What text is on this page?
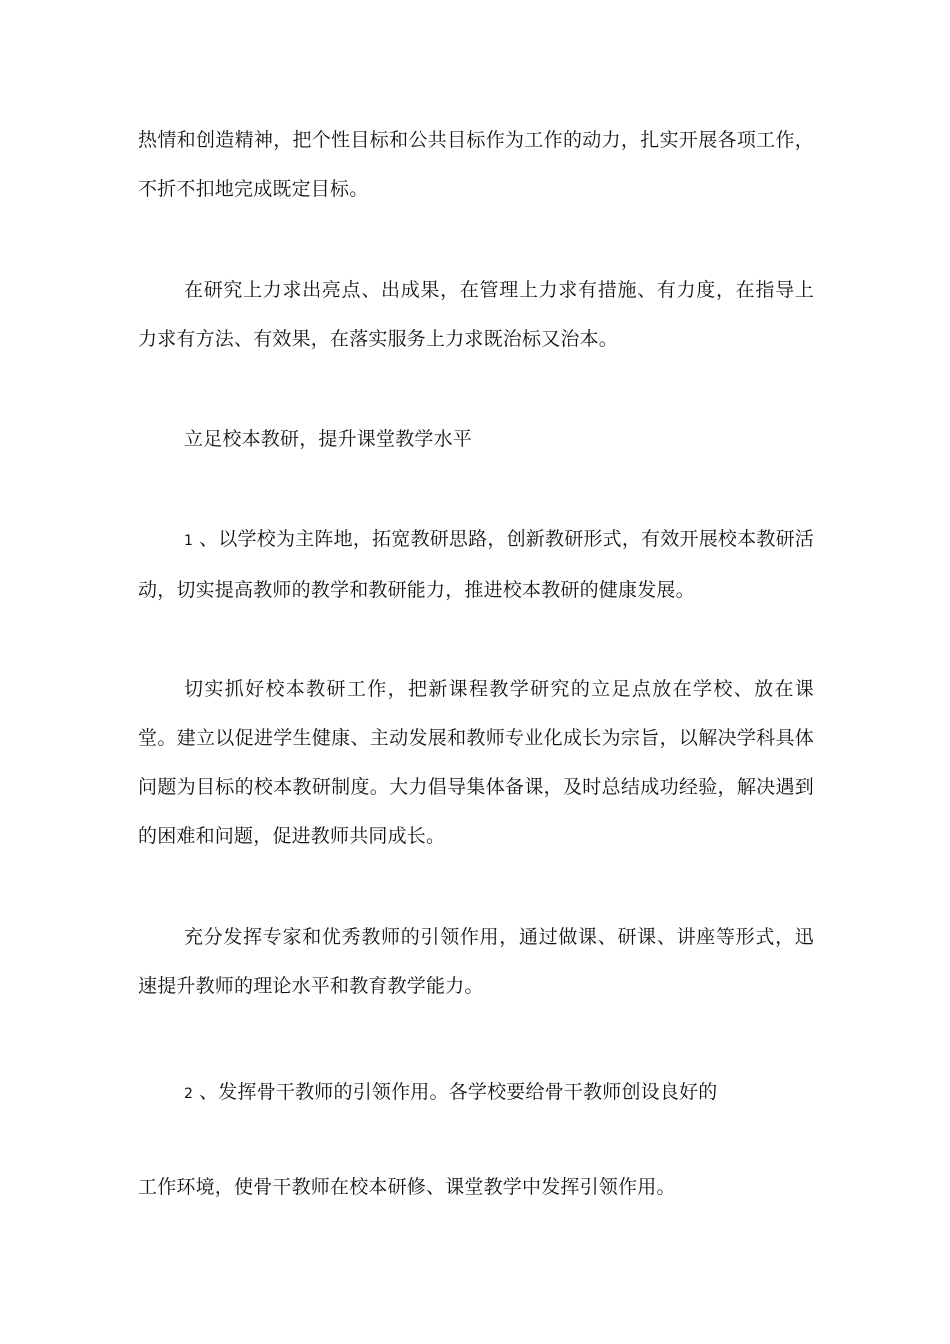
热情和创造精神，把个性目标和公共目标作为工作的动力，扎实开展各项工作，不折不扣地完成既定目标。

在研究上力求出亮点、出成果，在管理上力求有措施、有力度，在指导上力求有方法、有效果，在落实服务上力求既治标又治本。

立足校本教研，提升课堂教学水平

1 、以学校为主阵地，拓宽教研思路，创新教研形式，有效开展校本教研活动，切实提高教师的教学和教研能力，推进校本教研的健康发展。

切实抓好校本教研工作，把新课程教学研究的立足点放在学校、放在课堂。建立以促进学生健康、主动发展和教师专业化成长为宗旨，以解决学科具体问题为目标的校本教研制度。大力倡导集体备课，及时总结成功经验，解决遇到的困难和问题，促进教师共同成长。

充分发挥专家和优秀教师的引领作用，通过做课、研课、讲座等形式，迅速提升教师的理论水平和教育教学能力。

2 、发挥骨干教师的引领作用。各学校要给骨干教师创设良好的

工作环境，使骨干教师在校本研修、课堂教学中发挥引领作用。
